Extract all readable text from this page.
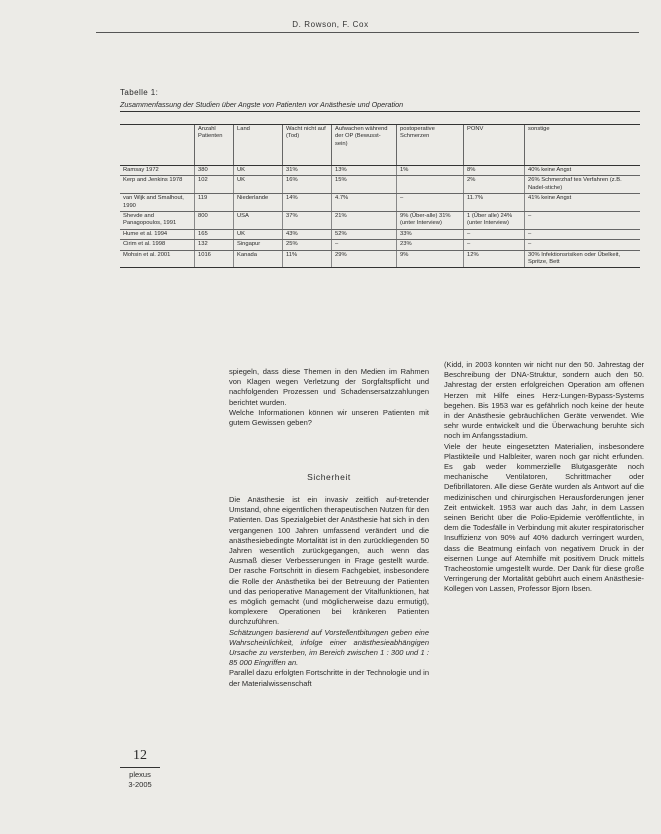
D. Rowson, F. Cox
Tabelle 1:
Zusammenfassung der Studien über Angste von Patienten vor Anästhesie und Operation
	Anzahl Patienten	Land	Wacht nicht auf (Tod)	Aufwachen während der OP (Bewusst-sein)	postoperative Schmerzen	PONV	sonstige
Ramsay 1972	380	UK	31%	13%	1%	8%	40% keine Angst
Kerp and Jenkins 1978	102	UK	16%	15%		2%	26% Schmerzhaf tes Verfahren (z.B. Nadel-stiche)
van Wijk and Smalhout, 1990	119	Niederlande	14%	4.7%	–	11.7%	41% keine Angst
Shevde and Panagopoulos, 1991	800	USA	37%	21%	9% (Über-alle) 31% (unter Interview)	1 (Über alle) 24% (unter Interview)	–
Hume et al. 1994	165	UK	43%	52%	33%	–	–
Cirim et al. 1998	132	Singapur	25%	–	23%	–	–
Mohsin et al. 2001	1016	Kanada	11%	29%	9%	12%	30% Infektionsrisiken oder Übelkeit, Spritze, Bett

spiegeln, dass diese Themen in den Medien im Rahmen von Klagen wegen Verletzung der Sorgfaltspflicht und nachfolgenden Prozessen und Schadensersatzzahlungen berichtet wurden.

Welche Informationen können wir unseren Patienten mit gutem Gewissen geben?

Sicherheit

Die Anästhesie ist ein invasiv zeitlich auf-tretender Umstand, ohne eigentlichen therapeutischen Nutzen für den Patienten. Das Spezialgebiet der Anästhesie hat sich in den vergangenen 100 Jahren umfassend verändert und die anästhesiebedingte Mortalität ist in den zurückliegenden 50 Jahren wesentlich zurückgegangen, auch wenn das Ausmaß dieser Verbesserungen in Frage gestellt wurde. Der rasche Fortschritt in diesem Fachgebiet, insbesondere die Rolle der Anästhetika bei der Betreuung der Patienten und das perioperative Management der Vitalfunktionen, hat es möglich gemacht (und möglicherweise dazu ermutigt), komplexere Operationen bei kränkeren Patienten durchzuführen.

Schätzungen basierend auf Vorstellentbitungen geben eine Wahrscheinlichkeit, infolge einer anästhesieabhängigen Ursache zu versterben, im Bereich zwischen 1 : 300 und 1 : 85 000 Eingriffen an.

Parallel dazu erfolgten Fortschritte in der Technologie und in der Materialwissenschaft

(Kidd, in 2003 konnten wir nicht nur den 50. Jahrestag der Beschreibung der DNA-Struktur, sondern auch den 50. Jahrestag der ersten erfolgreichen Operation am offenen Herzen mit Hilfe eines Herz-Lungen-Bypass-Systems begehen. Bis 1953 war es gefährlich noch keine der heute in der Anästhesie gebräuchlichen Geräte verwendet. Wie sehr wurde entwickelt und die Überwachung beruhte sich noch im Anfangsstadium.

Viele der heute eingesetzten Materialien, insbesondere Plastikteile und Halbleiter, waren noch gar nicht erfunden. Es gab weder kommerzielle Blutgasgeräte noch mechanische Ventilatoren, Schrittmacher oder Defibrillatoren. Alle diese Geräte wurden als Antwort auf die medizinischen und chirurgischen Herausforderungen jener Zeit entwickelt. 1953 war auch das Jahr, in dem Lassen seinen Bericht über die Polio-Epidemie veröffentlichte, in dem die Todesfälle in Verbindung mit akuter respiratorischer Insuffizienz von 90% auf 40% dadurch verringert wurden, dass die Beatmung einfach von negativem Druck in der eisernen Lunge auf Atemhilfe mit positivem Druck mittels Tracheostomie umgestellt wurde. Der Dank für diese große Verringerung der Mortalität gebührt auch einem Anästhesie-Kollegen von Lassen, Professor Bjorn Ibsen.

12
plexus
3-2005
